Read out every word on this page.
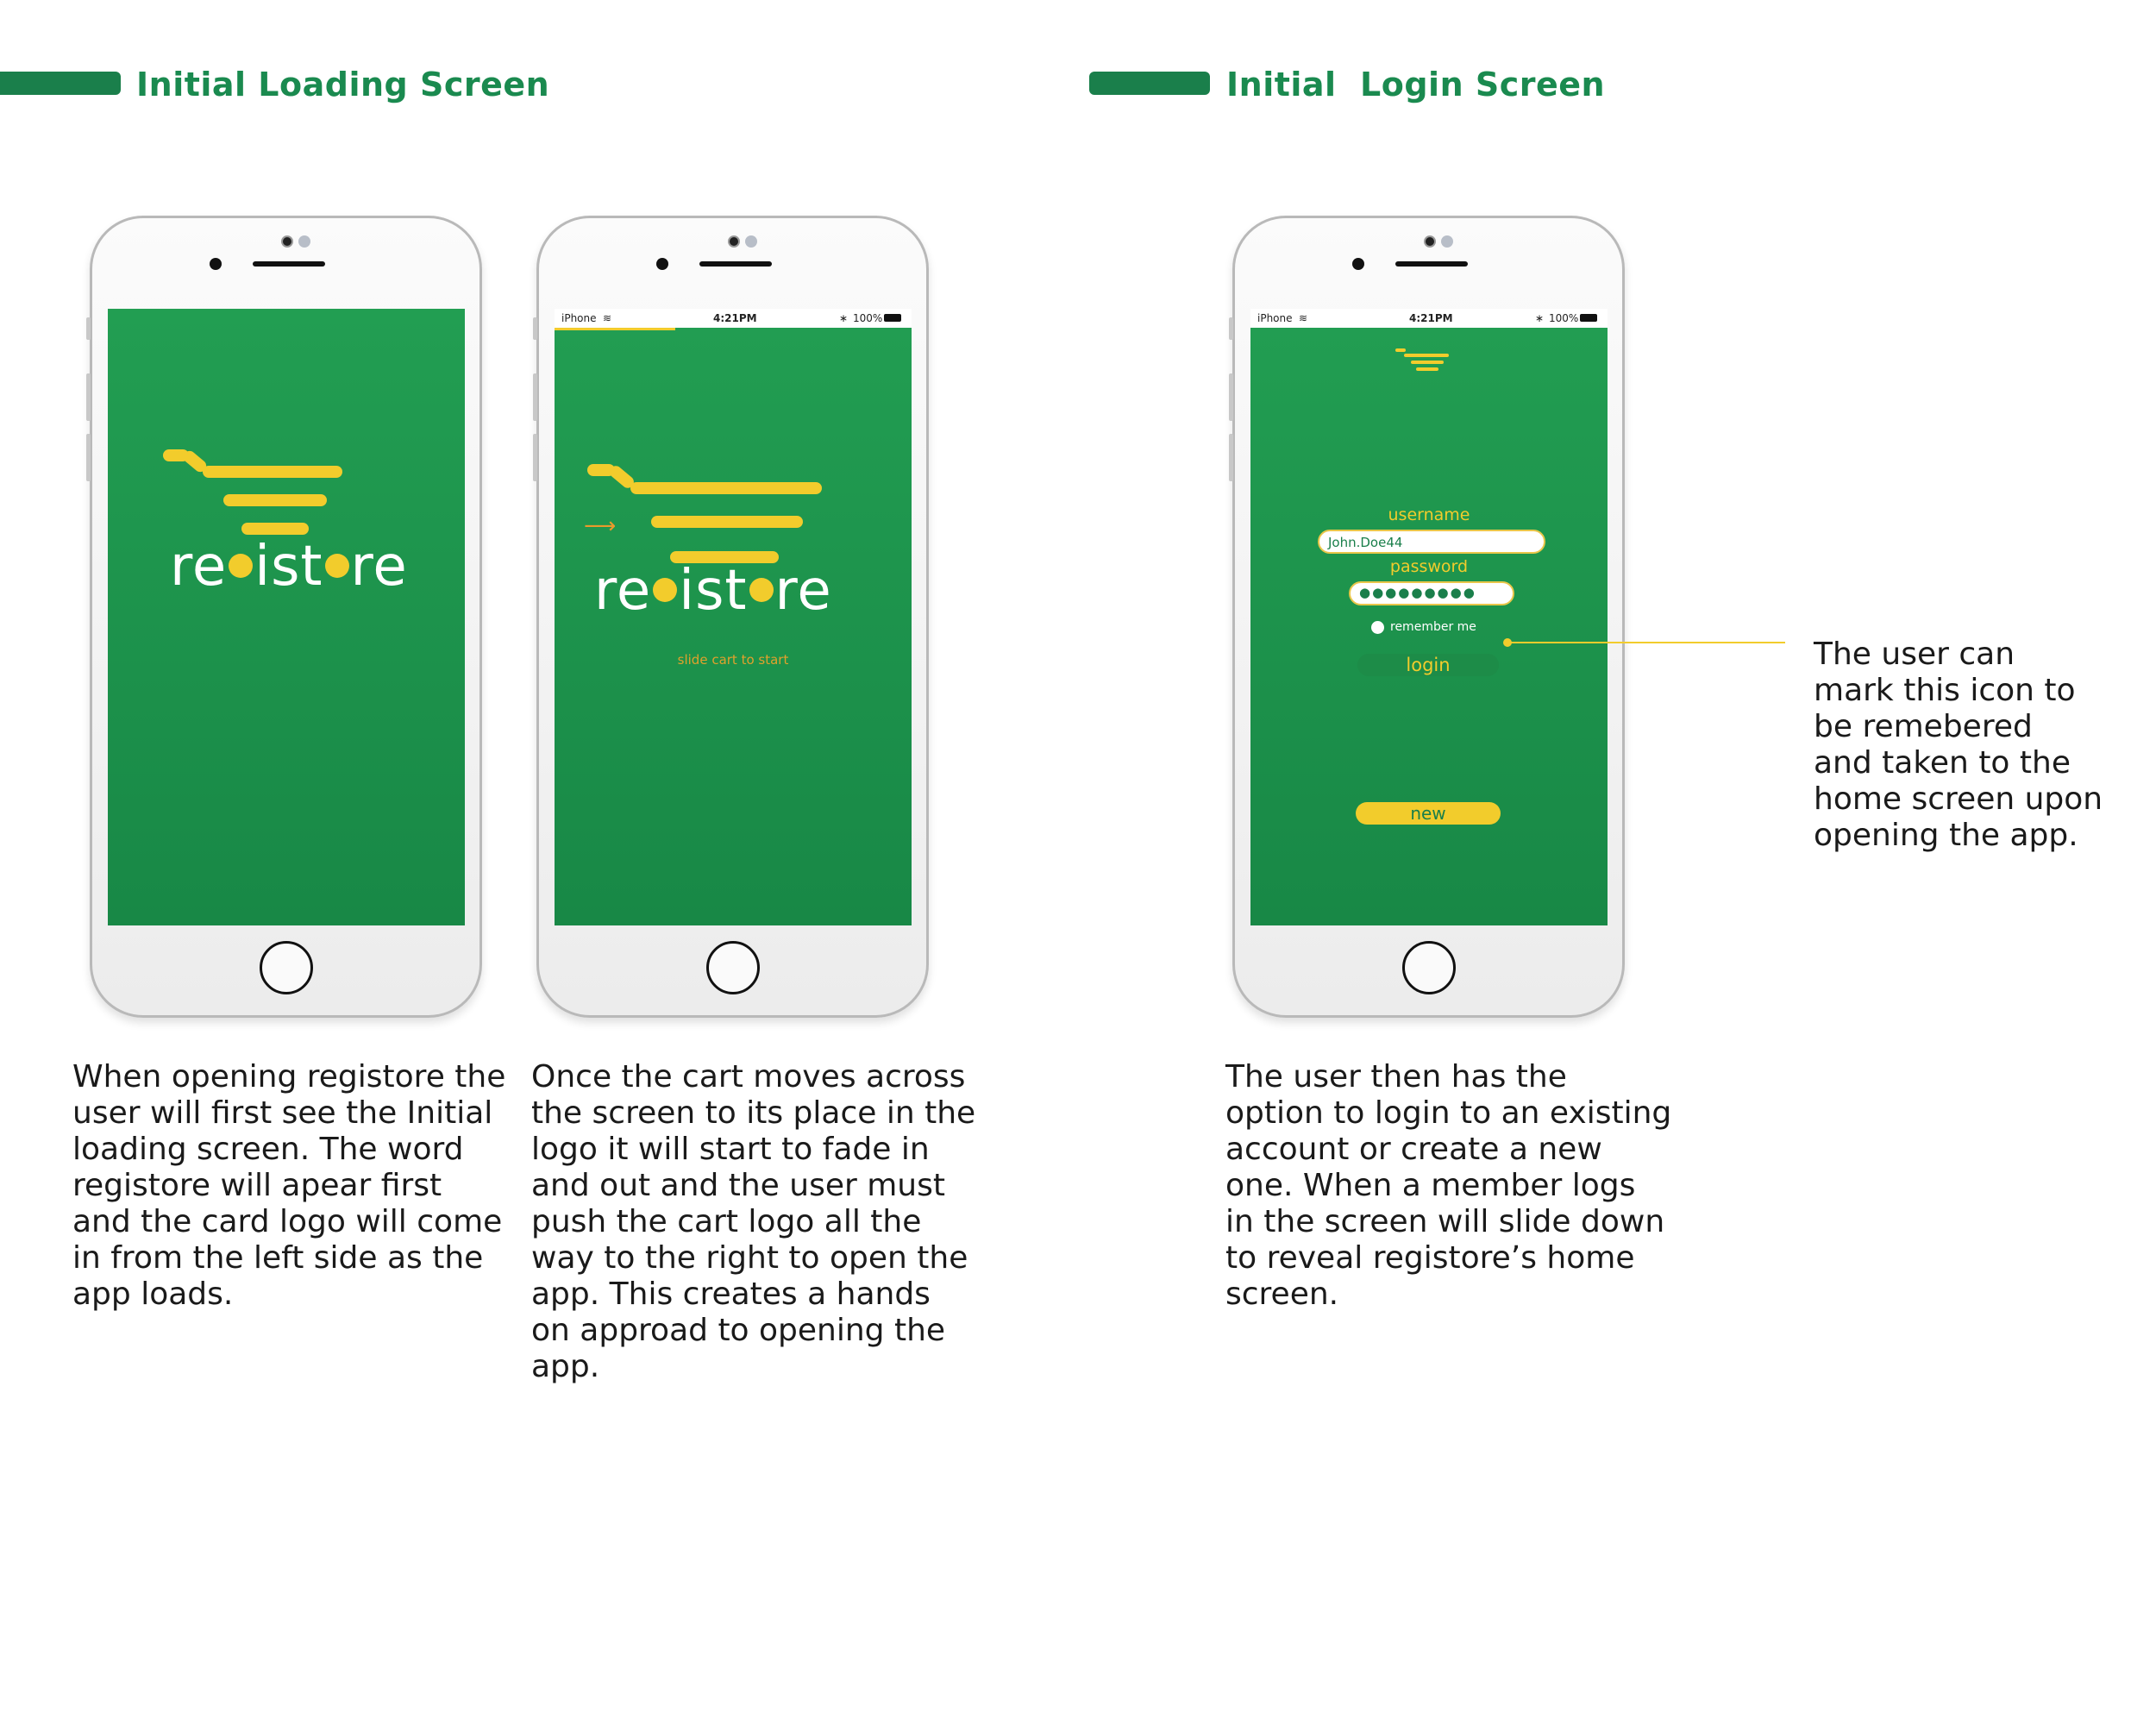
Initial Loading Screen	Initial  Login Screen
re ist re
iPhone ≋	4:21PM	∗ 100%
⟶
re ist re
slide cart to start
iPhone ≋	4:21PM	∗ 100%
username
John.Doe44
password
●●●●●●●●●
remember me
login
new
When opening registore the
user will first see the Initial
loading screen. The word
registore will apear first
and the card logo will come
in from the left side as the
app loads.
Once the cart moves across
the screen to its place in the
logo it will start to fade in
and out and the user must
push the cart logo all the
way to the right to open the
app. This creates a hands
on approad to opening the
app.
The user then has the
option to login to an existing
account or create a new
one. When a member logs
in the screen will slide down
to reveal registore’s home
screen.
The user can
mark this icon to
be remebered
and taken to the
home screen upon
opening the app.
